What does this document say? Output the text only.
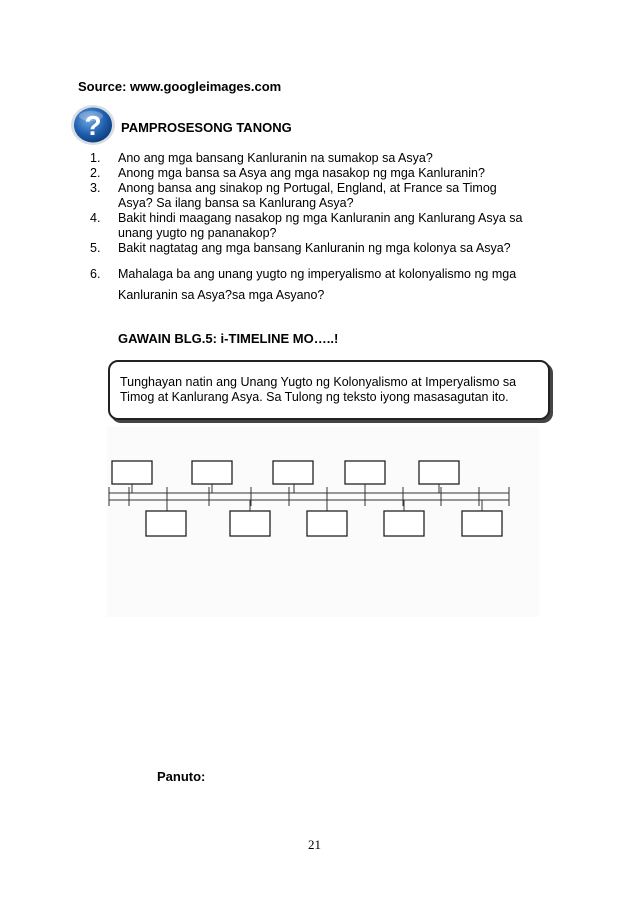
Source: www.googleimages.com
? PAMPROSESONG TANONG
1. Ano ang mga bansang Kanluranin na sumakop sa Asya?
2. Anong mga bansa sa Asya ang mga nasakop ng mga Kanluranin?
3. Anong bansa ang sinakop ng Portugal, England, at France sa Timog
Asya? Sa ilang bansa sa Kanlurang Asya?
4. Bakit hindi maagang nasakop ng mga Kanluranin ang Kanlurang Asya sa
unang yugto ng pananakop?
5. Bakit nagtatag ang mga bansang Kanluranin ng mga kolonya sa Asya?
6. Mahalaga ba ang unang yugto ng imperyalismo at kolonyalismo ng mga
Kanluranin sa Asya?sa mga Asyano?
GAWAIN BLG.5: i-TIMELINE MO…..!
Tunghayan natin ang Unang Yugto ng Kolonyalismo at Imperyalismo sa
Timog at Kanlurang Asya. Sa Tulong ng teksto iyong masasagutan ito.
Panuto:
21
